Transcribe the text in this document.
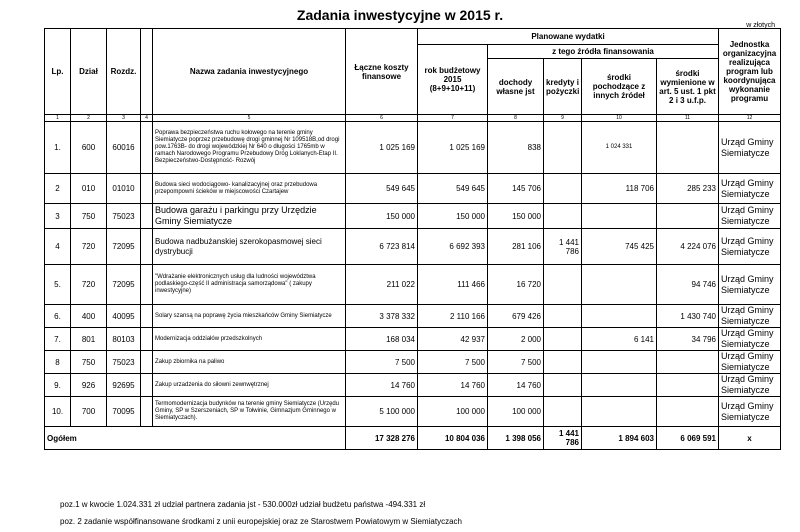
Zadania inwestycyjne w 2015 r.
w złotych
Lp.	Dział	Rozdz.		Nazwa zadania inwestycyjnego	Łączne koszty finansowe	Planowane wydatki					Jednostka organizacyjna realizująca program lub koordynująca wykonanie programu
						rok budżetowy 2015 (8+9+10+11)	z tego źródła finansowania				
							dochody własne jst	kredyty i pożyczki	środki pochodzące z innych źródeł	środki wymienione w art. 5 ust. 1 pkt 2 i 3 u.f.p.	
1	2	3	4	5	6	7	8	9	10	11	12
1.	600	60016		Poprawa bezpieczeństwa ruchu kołowego na terenie gminy Siemiatycze poprzez przebudowę drogi gminnej Nr 109518B,od drogi pow.1763B- do drogi wojewódzkiej Nr 640 o długości 1765mb w ramach Narodowego Programu Przebudowy Dróg Loklanych-Etap II. Bezpieczeństwo-Dostępność- Rozwój	1 025 169	1 025 169	838		1 024 331		Urząd Gminy Siemiatycze
2	010	01010		Budowa sieci wodociągowo- kanalizacyjnej oraz przebudowa przepompowni ścieków w miejscowości Czartajew	549 645	549 645	145 706		118 706	285 233	Urząd Gminy Siemiatycze
3	750	75023		Budowa garażu i parkingu przy Urzędzie Gminy Siemiatycze	150 000	150 000	150 000				Urząd Gminy Siemiatycze
4	720	72095		Budowa nadbużanskiej szerokopasmowej sieci dystrybucji	6 723 814	6 692 393	281 106	1 441 786	745 425	4 224 076	Urząd Gminy Siemiatycze
5.	720	72095		"Wdrażanie elektronicznych usług dla ludności województwa podlaskiego-część II administracja samorządowa" ( zakupy inwestycyjne)	211 022	111 466	16 720			94 746	Urząd Gminy Siemiatycze
6.	400	40095		Solary szansą na poprawę życia mieszkańców Gminy Siemiatycze	3 378 332	2 110 166	679 426			1 430 740	Urząd Gminy Siemiatycze
7.	801	80103		Modernizacja oddziałów przedszkolnych	168 034	42 937	2 000		6 141	34 796	Urząd Gminy Siemiatycze
8	750	75023		Zakup zbiornika na paliwo	7 500	7 500	7 500				Urząd Gminy Siemiatycze
9.	926	92695		Zakup urzadzenia do siłowni zewnwętrznej	14 760	14 760	14 760				Urząd Gminy Siemiatycze
10.	700	70095		Termomodernizacja budynków na terenie gminy Siemiatycze (Urzędu Gminy, SP w Szerszeniach, SP w Tołwinie, Gimnazjum Gminnego w Siemiatyczach).	5 100 000	100 000	100 000				Urząd Gminy Siemiatycze
Ogółem					17 328 276	10 804 036	1 398 056	1 441 786	1 894 603	6 069 591	x
poz.1 w kwocie 1.024.331 zł udział partnera zadania jst - 530.000zł udział budżetu państwa -494.331 zł
poz. 2 zadanie współfinansowane środkami z unii europejskiej oraz ze Starostwem Powiatowym w Siemiatyczach
